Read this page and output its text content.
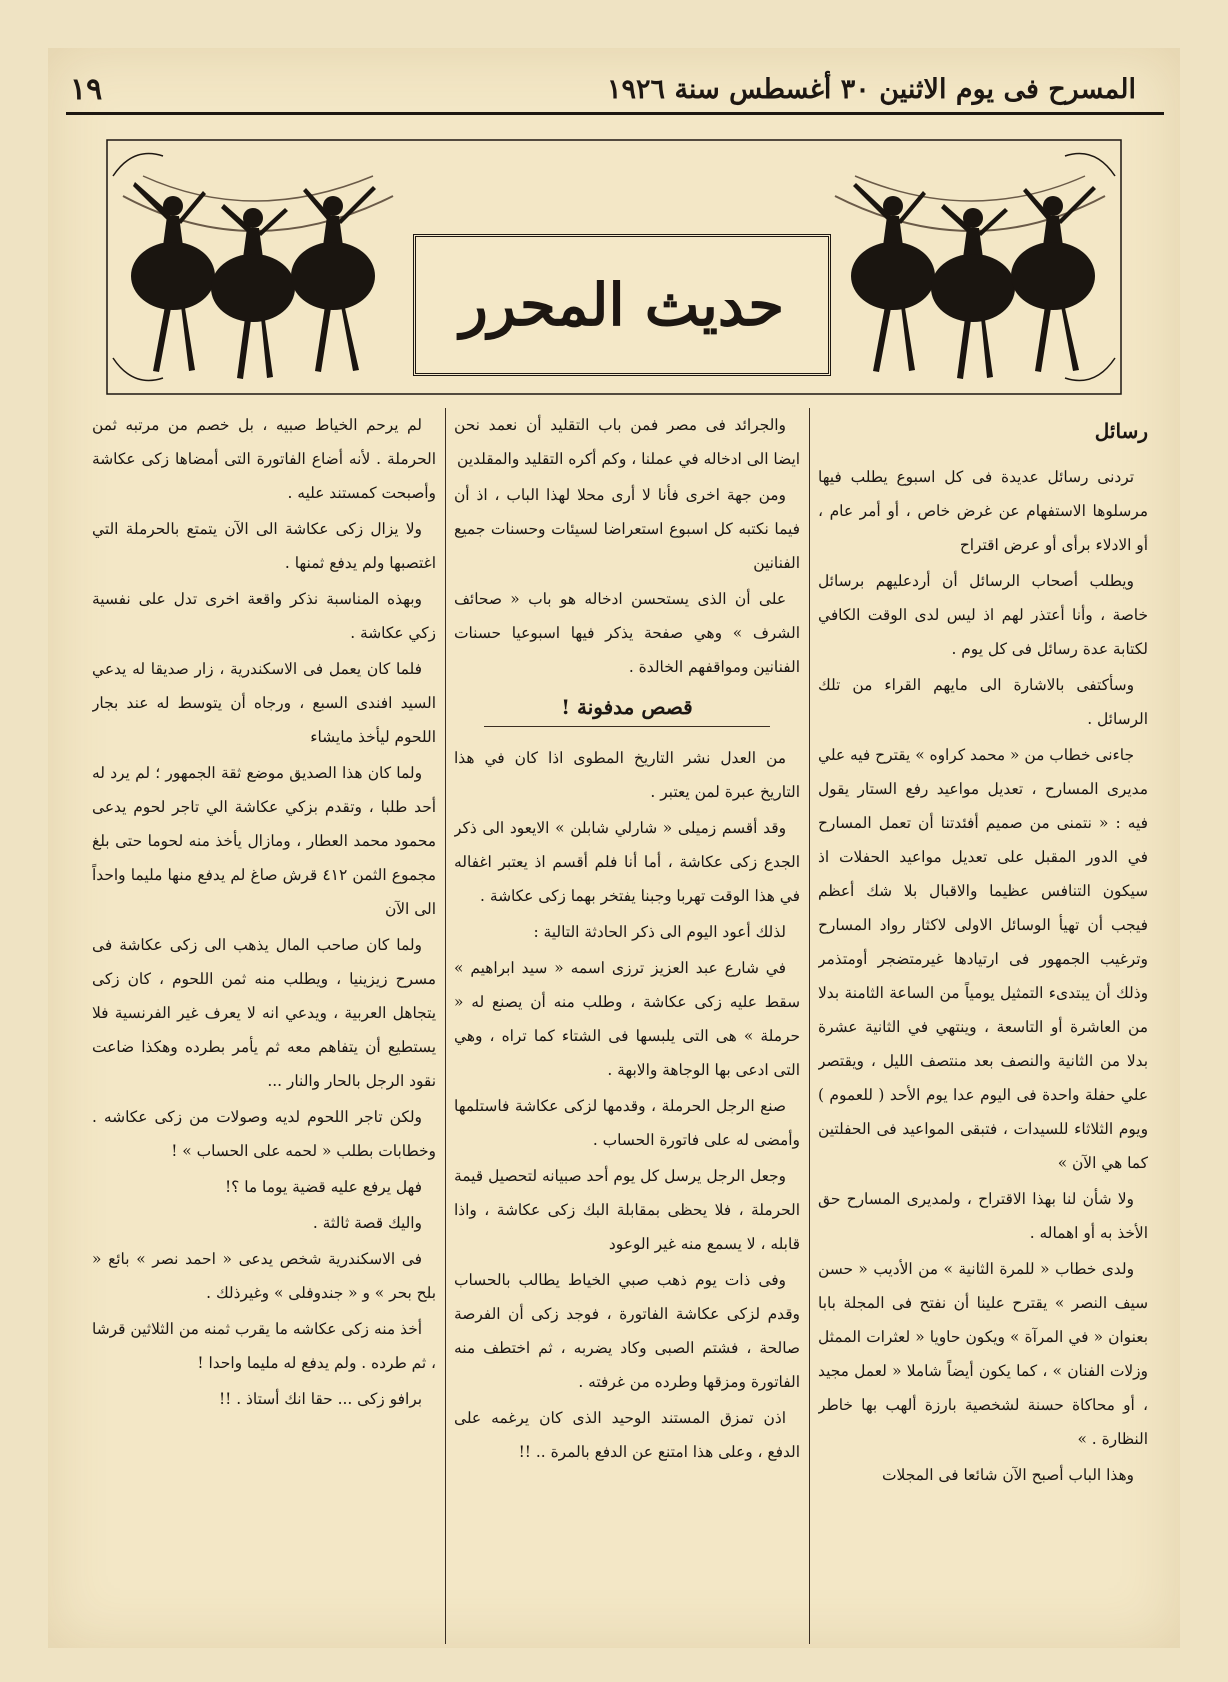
المسرح فى يوم الاثنين ٣٠ أغسطس سنة ١٩٢٦
١٩
حديث المحرر
رسائل

تردنى رسائل عديدة فى كل اسبوع يطلب فيها مرسلوها الاستفهام عن غرض خاص ، أو أمر عام ، أو الادلاء برأى أو عرض اقتراح

ويطلب أصحاب الرسائل أن أردعليهم برسائل خاصة ، وأنا أعتذر لهم اذ ليس لدى الوقت الكافي لكتابة عدة رسائل فى كل يوم .

وسأكتفى بالاشارة الى مايهم القراء من تلك الرسائل .

جاءنى خطاب من « محمد كراوه » يقترح فيه علي مديرى المسارح ، تعديل مواعيد رفع الستار يقول فيه : « نتمنى من صميم أفئدتنا أن تعمل المسارح في الدور المقبل على تعديل مواعيد الحفلات اذ سيكون التنافس عظيما والاقبال بلا شك أعظم فيجب أن تهيأ الوسائل الاولى لاكثار رواد المسارح وترغيب الجمهور فى ارتيادها غيرمتضجر أومتذمر وذلك أن يبتدىء التمثيل يومياً من الساعة الثامنة بدلا من العاشرة أو التاسعة ، وينتهي في الثانية عشرة بدلا من الثانية والنصف بعد منتصف الليل ، ويقتصر علي حفلة واحدة فى اليوم عدا يوم الأحد ( للعموم ) ويوم الثلاثاء للسيدات ، فتبقى المواعيد فى الحفلتين كما هي الآن »

ولا شأن لنا بهذا الاقتراح ، ولمديرى المسارح حق الأخذ به أو اهماله .

ولدى خطاب « للمرة الثانية » من الأديب « حسن سيف النصر » يقترح علينا أن نفتح فى المجلة بابا بعنوان « في المرآة » ويكون حاويا « لعثرات الممثل وزلات الفنان » ، كما يكون أيضاً شاملا « لعمل مجيد ، أو محاكاة حسنة لشخصية بارزة ألهب بها خاطر النظارة . »

وهذا الباب أصبح الآن شائعا فى المجلات

والجرائد فى مصر فمن باب التقليد أن نعمد نحن ايضا الى ادخاله في عملنا ، وكم أكره التقليد والمقلدين

ومن جهة اخرى فأنا لا أرى محلا لهذا الباب ، اذ أن فيما نكتبه كل اسبوع استعراضا لسيئات وحسنات جميع الفنانين

على أن الذى يستحسن ادخاله هو باب « صحائف الشرف » وهي صفحة يذكر فيها اسبوعيا حسنات الفنانين ومواقفهم الخالدة .

قصص مدفونة !

من العدل نشر التاريخ المطوى اذا كان في هذا التاريخ عبرة لمن يعتبر .

وقد أقسم زميلى « شارلي شابلن » الايعود الى ذكر الجدع زكى عكاشة ، أما أنا فلم أقسم اذ يعتبر اغفاله في هذا الوقت تهربا وجبنا يفتخر بهما زكى عكاشة .

لذلك أعود اليوم الى ذكر الحادثة التالية :

في شارع عبد العزيز ترزى اسمه « سيد ابراهيم » سقط عليه زكى عكاشة ، وطلب منه أن يصنع له « حرملة » هى التى يلبسها فى الشتاء كما تراه ، وهي التى ادعى بها الوجاهة والابهة .

صنع الرجل الحرملة ، وقدمها لزكى عكاشة فاستلمها وأمضى له على فاتورة الحساب .

وجعل الرجل يرسل كل يوم أحد صبيانه لتحصيل قيمة الحرملة ، فلا يحظى بمقابلة البك زكى عكاشة ، واذا قابله ، لا يسمع منه غير الوعود

وفى ذات يوم ذهب صبي الخياط يطالب بالحساب وقدم لزكى عكاشة الفاتورة ، فوجد زكى أن الفرصة صالحة ، فشتم الصبى وكاد يضربه ، ثم اختطف منه الفاتورة ومزقها وطرده من غرفته .

اذن تمزق المستند الوحيد الذى كان يرغمه على الدفع ، وعلى هذا امتنع عن الدفع بالمرة .. !!

لم يرحم الخياط صبيه ، بل خصم من مرتبه ثمن الحرملة . لأنه أضاع الفاتورة التى أمضاها زكى عكاشة وأصبحت كمستند عليه .

ولا يزال زكى عكاشة الى الآن يتمتع بالحرملة التي اغتصبها ولم يدفع ثمنها .

وبهذه المناسبة نذكر واقعة اخرى تدل على نفسية زكي عكاشة .

فلما كان يعمل فى الاسكندرية ، زار صديقا له يدعي السيد افندى السبع ، ورجاه أن يتوسط له عند بجار اللحوم ليأخذ مايشاء

ولما كان هذا الصديق موضع ثقة الجمهور ؛ لم يرد له أحد طلبا ، وتقدم بزكي عكاشة الي تاجر لحوم يدعى محمود محمد العطار ، ومازال يأخذ منه لحوما حتى بلغ مجموع الثمن ٤١٢ قرش صاغ لم يدفع منها مليما واحداً الى الآن

ولما كان صاحب المال يذهب الى زكى عكاشة فى مسرح زيزينيا ، ويطلب منه ثمن اللحوم ، كان زكى يتجاهل العربية ، ويدعي انه لا يعرف غير الفرنسية فلا يستطيع أن يتفاهم معه ثم يأمر بطرده وهكذا ضاعت نقود الرجل بالحار والنار ...

ولكن تاجر اللحوم لديه وصولات من زكى عكاشه . وخطابات بطلب « لحمه على الحساب » !

فهل يرفع عليه قضية يوما ما ؟!

واليك قصة ثالثة .

فى الاسكندرية شخص يدعى « احمد نصر » بائع « بلح بحر » و « جندوفلى » وغيرذلك .

أخذ منه زكى عكاشه ما يقرب ثمنه من الثلاثين قرشا ، ثم طرده . ولم يدفع له مليما واحدا !

برافو زكى ... حقا انك أستاذ . !!
